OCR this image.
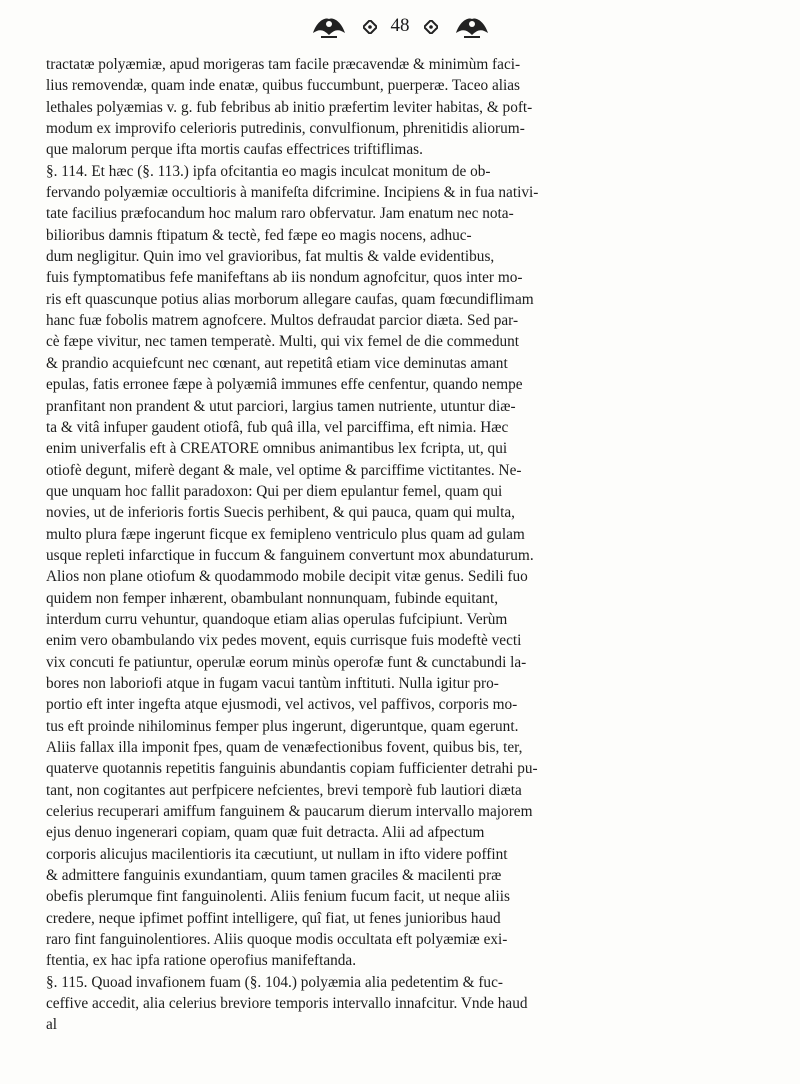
48
tractatæ polyæmiæ, apud morigeras tam facile præcavendæ & minimùm faci-
lius removendæ, quam inde enatæ, quibus fuccumbunt, puerperæ. Taceo alias
lethales polyæmias v. g. fub febribus ab initio præfertim leviter habitas, & poft-
modum ex improvifo celerioris putredinis, convulfionum, phrenitidis aliorum-
que malorum perque ifta mortis caufas effectrices triftiflimas.
§. 114. Et hæc (§. 113.) ipfa ofcitantia eo magis inculcat monitum de ob-
fervando polyæmiæ occultioris à manifeſta difcrimine. Incipiens & in fua nativi-
tate facilius præfocandum hoc malum raro obfervatur. Jam enatum nec nota-
bilioribus damnis ftipatum & tectè, fed fæpe eo magis nocens, adhuc-
dum negligitur. Quin imo vel gravioribus, fat multis & valde evidentibus,
fuis fymptomatibus fefe manifeftans ab iis nondum agnofcitur, quos inter mo-
ris eft quascunque potius alias morborum allegare caufas, quam fœcundiflimam
hanc fuæ fobolis matrem agnofcere. Multos defraudat parcior diæta. Sed par-
cè fæpe vivitur, nec tamen temperatè. Multi, qui vix femel de die commedunt
& prandio acquiefcunt nec cœnant, aut repetitâ etiam vice deminutas amant
epulas, fatis erronee fæpe à polyæmiâ immunes effe cenfentur, quando nempe
pranfitant non prandent & utut parciori, largius tamen nutriente, utuntur diæ-
ta & vitâ infuper gaudent otiofâ, fub quâ illa, vel parciffima, eft nimia. Hæc
enim univerfalis eft à CREATORE omnibus animantibus lex fcripta, ut, qui
otiofè degunt, miferè degant & male, vel optime & parciffime victitantes. Ne-
que unquam hoc fallit paradoxon: Qui per diem epulantur femel, quam qui
novies, ut de inferioris fortis Suecis perhibent, & qui pauca, quam qui multa,
multo plura fæpe ingerunt ficque ex femipleno ventriculo plus quam ad gulam
usque repleti infarctique in fuccum & fanguinem convertunt mox abundaturum.
Alios non plane otiofum & quodammodo mobile decipit vitæ genus. Sedili fuo
quidem non femper inhærent, obambulant nonnunquam, fubinde equitant,
interdum curru vehuntur, quandoque etiam alias operulas fufcipiunt. Verùm
enim vero obambulando vix pedes movent, equis currisque fuis modeftè vecti
vix concuti fe patiuntur, operulæ eorum minùs operofæ funt & cunctabundi la-
bores non laboriofi atque in fugam vacui tantùm inftituti. Nulla igitur pro-
portio eft inter ingefta atque ejusmodi, vel activos, vel paffivos, corporis mo-
tus eft proinde nihilominus femper plus ingerunt, digeruntque, quam egerunt.
Aliis fallax illa imponit fpes, quam de venæfectionibus fovent, quibus bis, ter,
quaterve quotannis repetitis fanguinis abundantis copiam fufficienter detrahi pu-
tant, non cogitantes aut perfpicere nefcientes, brevi temporè fub lautiori diæta
celerius recuperari amiffum fanguinem & paucarum dierum intervallo majorem
ejus denuo ingenerari copiam, quam quæ fuit detracta. Alii ad afpectum
corporis alicujus macilentioris ita cæcutiunt, ut nullam in ifto videre poffint
& admittere fanguinis exundantiam, quum tamen graciles & macilenti præ
obefis plerumque fint fanguinolenti. Aliis fenium fucum facit, ut neque aliis
credere, neque ipfimet poffint intelligere, quî fiat, ut fenes junioribus haud
raro fint fanguinolentiores. Aliis quoque modis occultata eft polyæmiæ exi-
ftentia, ex hac ipfa ratione operofius manifeftanda.
§. 115. Quoad invafionem fuam (§. 104.) polyæmia alia pedetentim & fuc-
ceffive accedit, alia celerius breviore temporis intervallo innafcitur. Vnde haud
al
